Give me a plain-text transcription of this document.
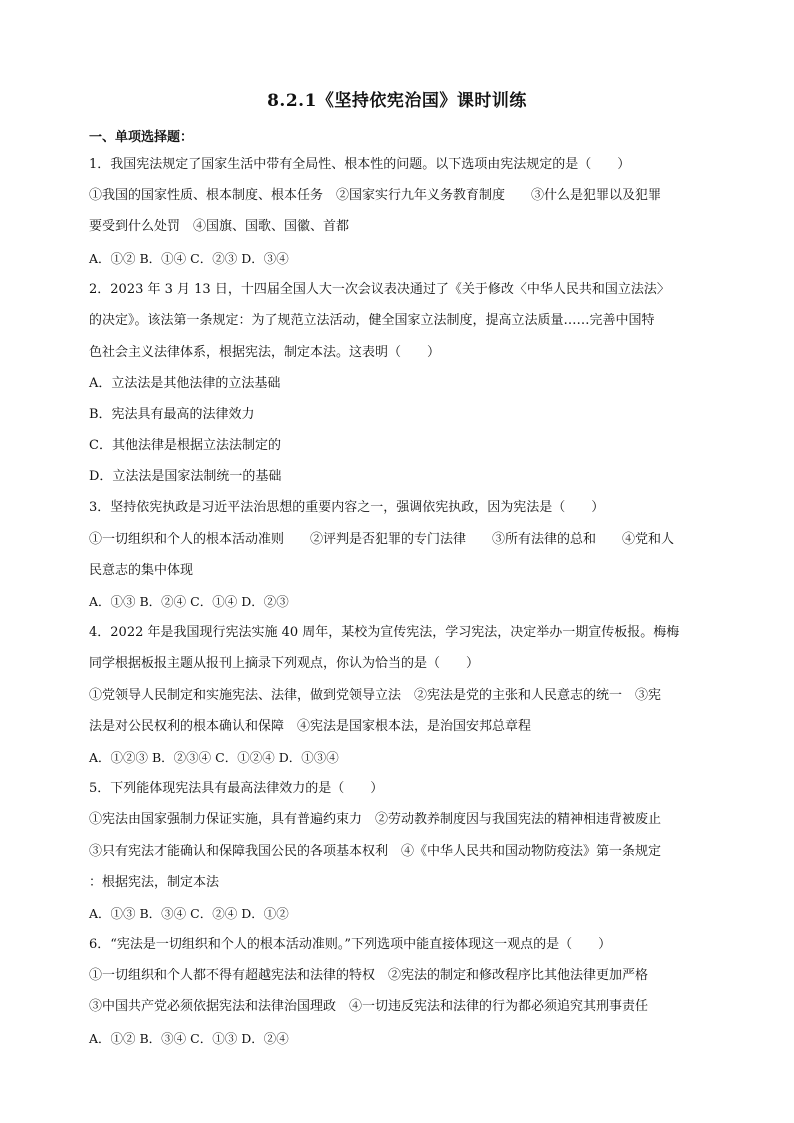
8.2.1《坚持依宪治国》课时训练
一、单项选择题：
1．我国宪法规定了国家生活中带有全局性、根本性的问题。以下选项由宪法规定的是（　　）
①我国的国家性质、根本制度、根本任务　②国家实行九年义务教育制度　　③什么是犯罪以及犯罪
要受到什么处罚　④国旗、国歌、国徽、首都
A．①② B．①④ C．②③ D．③④
2．2023 年 3 月 13 日，十四届全国人大一次会议表决通过了《关于修改〈中华人民共和国立法法〉
的决定》。该法第一条规定：为了规范立法活动，健全国家立法制度，提高立法质量……完善中国特
色社会主义法律体系，根据宪法，制定本法。这表明（　　）
A．立法法是其他法律的立法基础
B．宪法具有最高的法律效力
C．其他法律是根据立法法制定的
D．立法法是国家法制统一的基础
3．坚持依宪执政是习近平法治思想的重要内容之一，强调依宪执政，因为宪法是（　　）
①一切组织和个人的根本活动准则　　②评判是否犯罪的专门法律　　③所有法律的总和　　④党和人
民意志的集中体现
A．①③ B．②④ C．①④ D．②③
4．2022 年是我国现行宪法实施 40 周年，某校为宣传宪法，学习宪法，决定举办一期宣传板报。梅梅
同学根据板报主题从报刊上摘录下列观点，你认为恰当的是（　　）
①党领导人民制定和实施宪法、法律，做到党领导立法　②宪法是党的主张和人民意志的统一　③宪
法是对公民权利的根本确认和保障　④宪法是国家根本法，是治国安邦总章程
A．①②③ B．②③④ C．①②④ D．①③④
5．下列能体现宪法具有最高法律效力的是（　　）
①宪法由国家强制力保证实施，具有普遍约束力　②劳动教养制度因与我国宪法的精神相违背被废止
③只有宪法才能确认和保障我国公民的各项基本权利　④《中华人民共和国动物防疫法》第一条规定
：根据宪法，制定本法
A．①③ B．③④ C．②④ D．①②
6．“宪法是一切组织和个人的根本活动准则。”下列选项中能直接体现这一观点的是（　　）
①一切组织和个人都不得有超越宪法和法律的特权　②宪法的制定和修改程序比其他法律更加严格
③中国共产党必须依据宪法和法律治国理政　④一切违反宪法和法律的行为都必须追究其刑事责任
A．①② B．③④ C．①③ D．②④
